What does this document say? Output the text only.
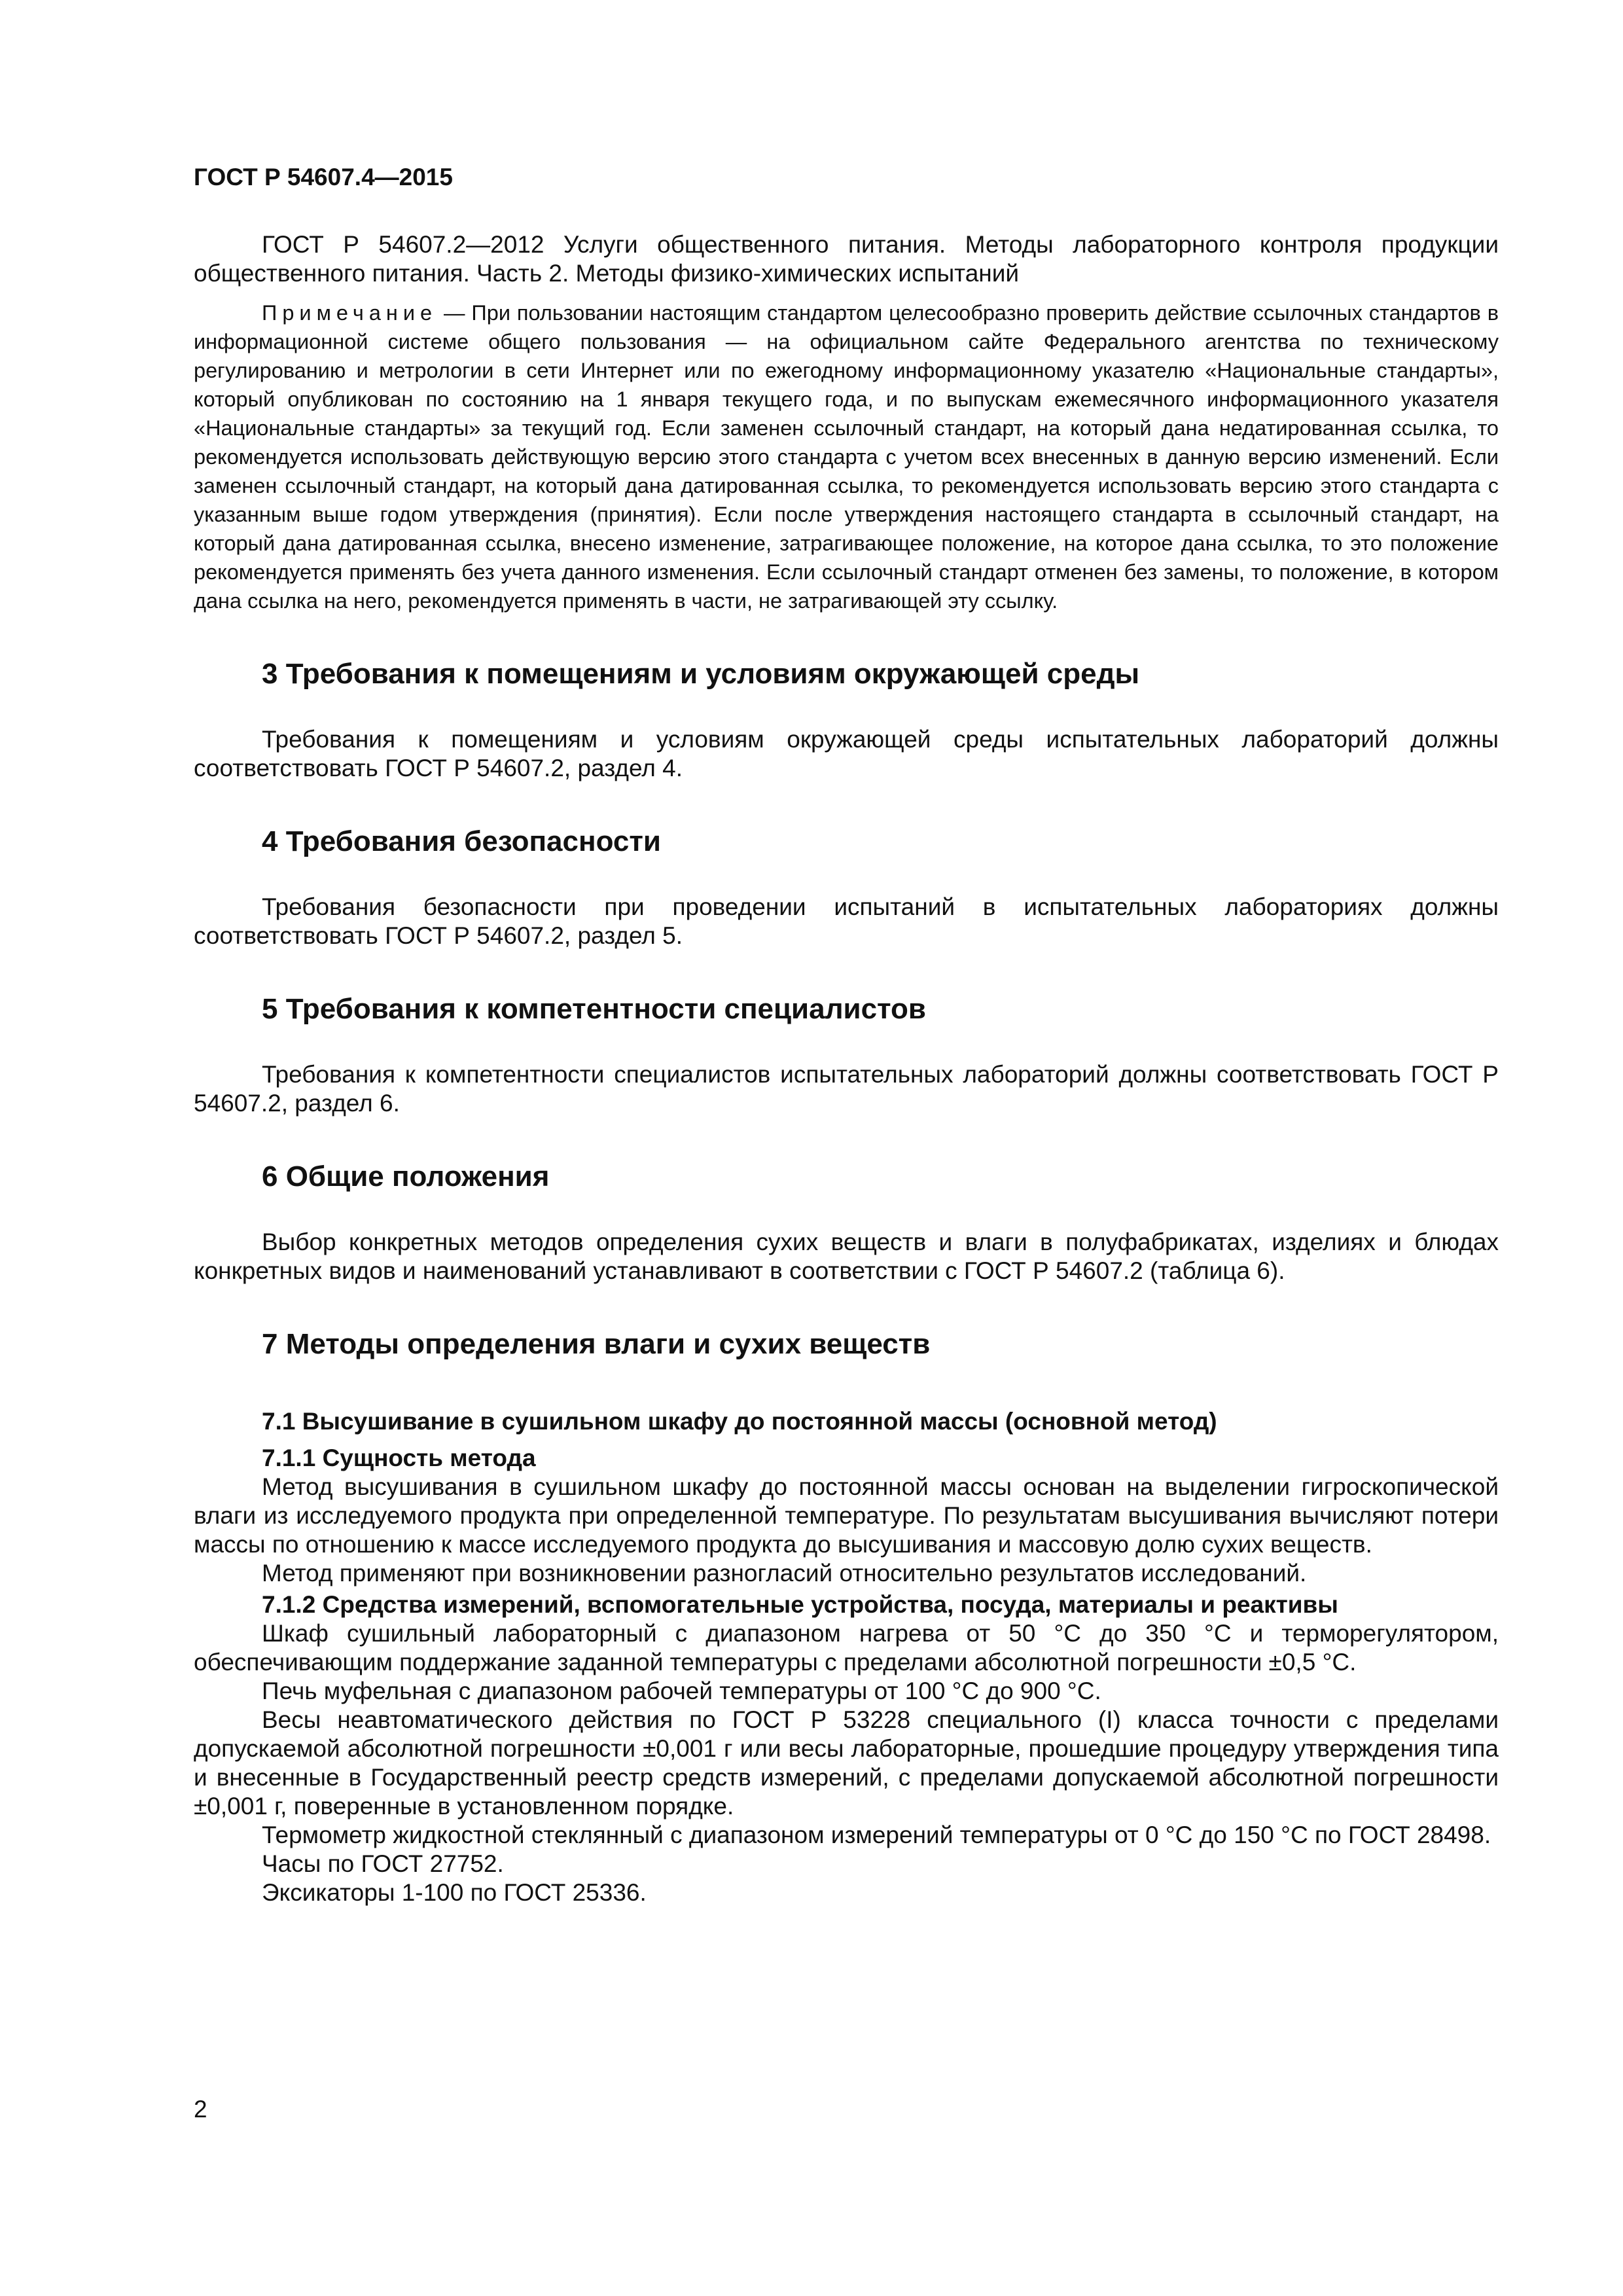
ГОСТ Р 54607.4—2015

ГОСТ Р 54607.2—2012 Услуги общественного питания. Методы лабораторного контроля продукции общественного питания. Часть 2. Методы физико-химических испытаний

Примечание — При пользовании настоящим стандартом целесообразно проверить действие ссылочных стандартов в информационной системе общего пользования — на официальном сайте Федерального агентства по техническому регулированию и метрологии в сети Интернет или по ежегодному информационному указателю «Национальные стандарты», который опубликован по состоянию на 1 января текущего года, и по выпускам ежемесячного информационного указателя «Национальные стандарты» за текущий год. Если заменен ссылочный стандарт, на который дана недатированная ссылка, то рекомендуется использовать действующую версию этого стандарта с учетом всех внесенных в данную версию изменений. Если заменен ссылочный стандарт, на который дана датированная ссылка, то рекомендуется использовать версию этого стандарта с указанным выше годом утверждения (принятия). Если после утверждения настоящего стандарта в ссылочный стандарт, на который дана датированная ссылка, внесено изменение, затрагивающее положение, на которое дана ссылка, то это положение рекомендуется применять без учета данного изменения. Если ссылочный стандарт отменен без замены, то положение, в котором дана ссылка на него, рекомендуется применять в части, не затрагивающей эту ссылку.

3 Требования к помещениям и условиям окружающей среды

Требования к помещениям и условиям окружающей среды испытательных лабораторий должны соответствовать ГОСТ Р 54607.2, раздел 4.

4 Требования безопасности

Требования безопасности при проведении испытаний в испытательных лабораториях должны соответствовать ГОСТ Р 54607.2, раздел 5.

5 Требования к компетентности специалистов

Требования к компетентности специалистов испытательных лабораторий должны соответствовать ГОСТ Р 54607.2, раздел 6.

6 Общие положения

Выбор конкретных методов определения сухих веществ и влаги в полуфабрикатах, изделиях и блюдах конкретных видов и наименований устанавливают в соответствии с ГОСТ Р 54607.2 (таблица 6).

7 Методы определения влаги и сухих веществ
7.1 Высушивание в сушильном шкафу до постоянной массы (основной метод)
7.1.1 Сущность метода

Метод высушивания в сушильном шкафу до постоянной массы основан на выделении гигроскопической влаги из исследуемого продукта при определенной температуре. По результатам высушивания вычисляют потери массы по отношению к массе исследуемого продукта до высушивания и массовую долю сухих веществ.

Метод применяют при возникновении разногласий относительно результатов исследований.

7.1.2 Средства измерений, вспомогательные устройства, посуда, материалы и реактивы

Шкаф сушильный лабораторный с диапазоном нагрева от 50 °С до 350 °С и терморегулятором, обеспечивающим поддержание заданной температуры с пределами абсолютной погрешности ±0,5 °С.

Печь муфельная с диапазоном рабочей температуры от 100 °С до 900 °С.

Весы неавтоматического действия по ГОСТ Р 53228 специального (I) класса точности с пределами допускаемой абсолютной погрешности ±0,001 г или весы лабораторные, прошедшие процедуру утверждения типа и внесенные в Государственный реестр средств измерений, с пределами допускаемой абсолютной погрешности ±0,001 г, поверенные в установленном порядке.

Термометр жидкостной стеклянный с диапазоном измерений температуры от 0 °С до 150 °С по ГОСТ 28498.

Часы по ГОСТ 27752.

Эксикаторы 1-100 по ГОСТ 25336.

2
